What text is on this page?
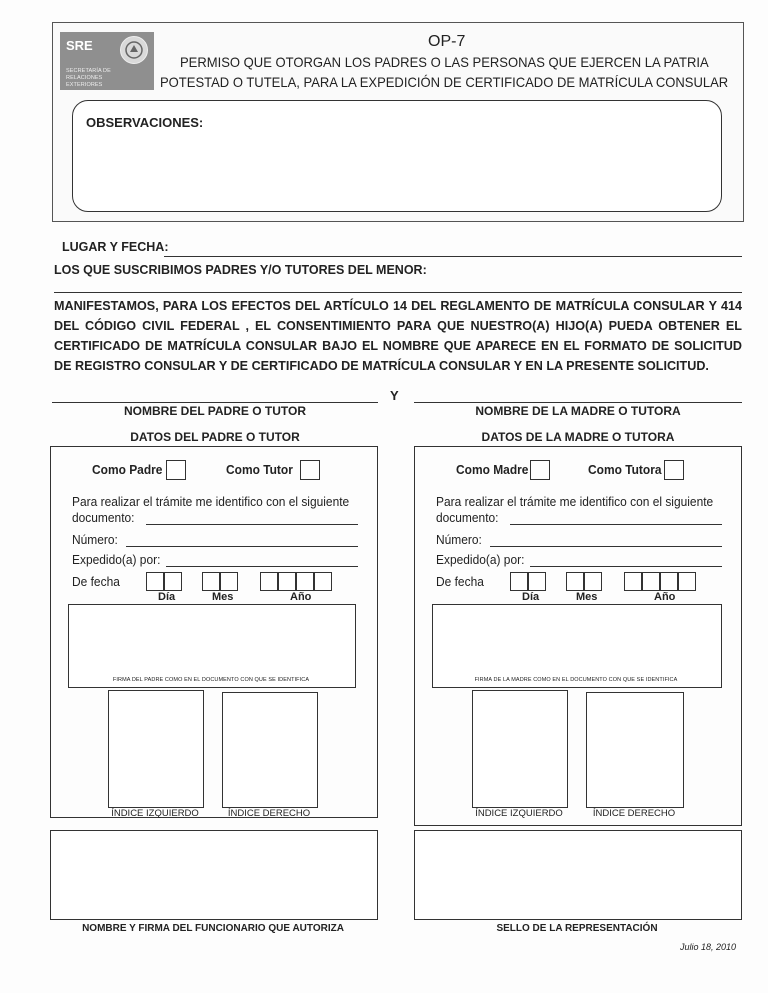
SRE
SECRETARÍA DE RELACIONES EXTERIORES
OP-7
PERMISO QUE OTORGAN LOS PADRES O LAS PERSONAS QUE EJERCEN LA PATRIA
POTESTAD O TUTELA, PARA LA EXPEDICIÓN DE CERTIFICADO DE MATRÍCULA CONSULAR
OBSERVACIONES:
LUGAR Y FECHA:
LOS QUE SUSCRIBIMOS PADRES Y/O TUTORES DEL MENOR:
MANIFESTAMOS, PARA LOS EFECTOS DEL ARTÍCULO 14 DEL REGLAMENTO DE MATRÍCULA CONSULAR Y 414 DEL CÓDIGO CIVIL FEDERAL , EL CONSENTIMIENTO PARA QUE NUESTRO(A) HIJO(A) PUEDA OBTENER EL CERTIFICADO DE MATRÍCULA CONSULAR BAJO EL NOMBRE QUE APARECE EN EL FORMATO DE SOLICITUD DE REGISTRO CONSULAR Y DE CERTIFICADO DE MATRÍCULA CONSULAR Y EN LA PRESENTE SOLICITUD.
Y
NOMBRE DEL PADRE O TUTOR
DATOS DEL PADRE O TUTOR
Como Padre	Como Tutor
Para realizar el trámite me identifico con el siguiente
documento:
Número:
Expedido(a) por:
De fecha
Día	Mes	Año
FIRMA DEL PADRE COMO EN EL DOCUMENTO CON QUE SE IDENTIFICA
ÍNDICE IZQUIERDO	ÍNDICE DERECHO
NOMBRE DE LA MADRE O TUTORA
DATOS DE LA MADRE O TUTORA
Como Madre	Como Tutora
Para realizar el trámite me identifico con el siguiente
documento:
Número:
Expedido(a) por:
De fecha
Día	Mes	Año
FIRMA DE LA MADRE COMO EN EL DOCUMENTO CON QUE SE IDENTIFICA
ÍNDICE IZQUIERDO	ÍNDICE DERECHO
NOMBRE Y FIRMA DEL FUNCIONARIO QUE AUTORIZA	SELLO DE LA REPRESENTACIÓN
Julio 18, 2010
